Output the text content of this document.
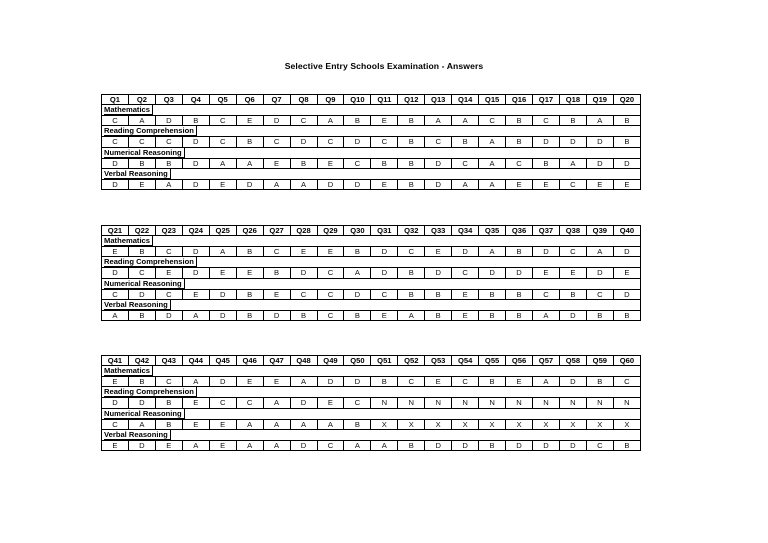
Selective Entry Schools Examination - Answers
Q1	Q2	Q3	Q4	Q5	Q6	Q7	Q8	Q9	Q10	Q11	Q12	Q13	Q14	Q15	Q16	Q17	Q18	Q19	Q20
Mathematics																			
C	A	D	B	C	E	D	C	A	B	E	B	A	A	C	B	C	B	A	B
Reading Comprehension																			
C	C	C	D	C	B	C	D	C	D	C	B	C	B	A	B	D	D	D	B
Numerical Reasoning																			
D	B	B	D	A	A	E	B	E	C	B	B	D	C	A	C	B	A	D	D
Verbal Reasoning																			
D	E	A	D	E	D	A	A	D	D	E	B	D	A	A	E	E	C	E	E
Q21	Q22	Q23	Q24	Q25	Q26	Q27	Q28	Q29	Q30	Q31	Q32	Q33	Q34	Q35	Q36	Q37	Q38	Q39	Q40
Mathematics																			
E	B	C	D	A	B	C	E	E	B	D	C	E	D	A	B	D	C	A	D
Reading Comprehension																			
D	C	E	D	E	E	B	D	C	A	D	B	D	C	D	D	E	E	D	E
Numerical Reasoning																			
C	D	C	E	D	B	E	C	C	D	C	B	B	E	B	B	C	B	C	D
Verbal Reasoning																			
A	B	D	A	D	B	D	B	C	B	E	A	B	E	B	B	A	D	B	B
Q41	Q42	Q43	Q44	Q45	Q46	Q47	Q48	Q49	Q50	Q51	Q52	Q53	Q54	Q55	Q56	Q57	Q58	Q59	Q60
Mathematics																			
E	B	C	A	D	E	E	A	D	D	B	C	E	C	B	E	A	D	B	C
Reading Comprehension																			
D	D	B	E	C	C	A	D	E	C	N	N	N	N	N	N	N	N	N	N
Numerical Reasoning																			
C	A	B	E	E	A	A	A	A	B	X	X	X	X	X	X	X	X	X	X
Verbal Reasoning																			
E	D	E	A	E	A	A	D	C	A	A	B	D	D	B	D	D	D	C	B
